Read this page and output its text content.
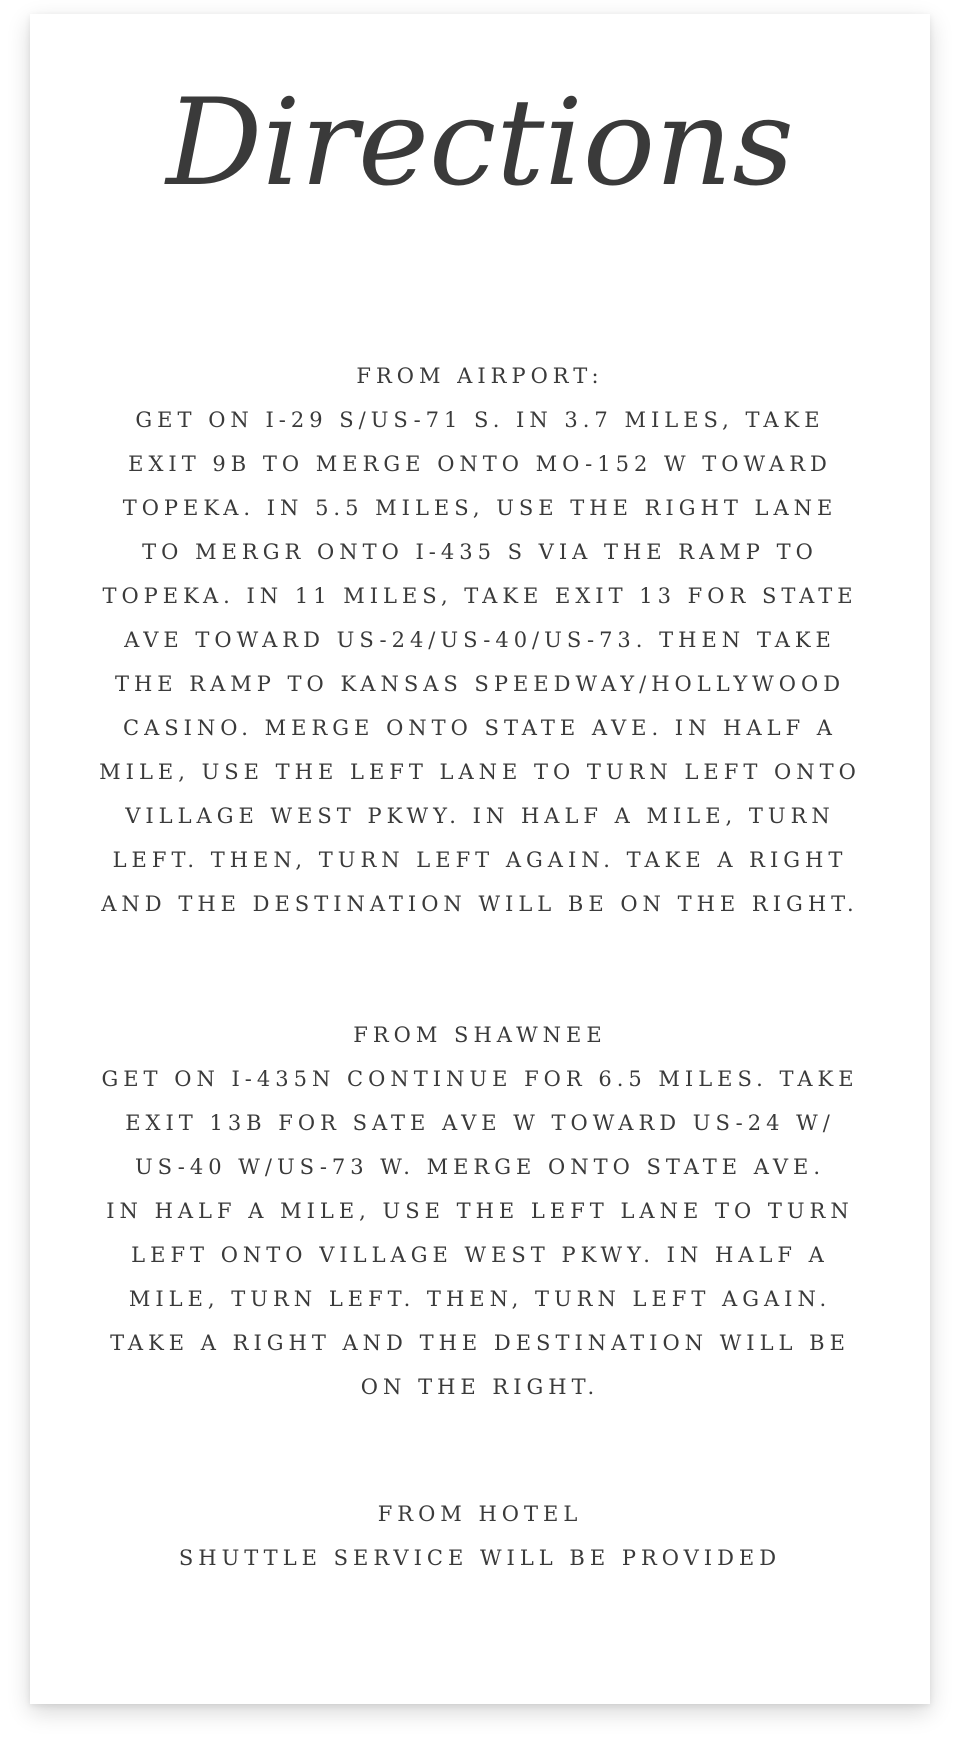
Directions
FROM AIRPORT:
GET ON I-29 S/US-71 S. IN 3.7 MILES, TAKE
EXIT 9B TO MERGE ONTO MO-152 W TOWARD
TOPEKA. IN 5.5 MILES, USE THE RIGHT LANE
TO MERGR ONTO I-435 S VIA THE RAMP TO
TOPEKA. IN 11 MILES, TAKE EXIT 13 FOR STATE
AVE TOWARD US-24/US-40/US-73. THEN TAKE
THE RAMP TO KANSAS SPEEDWAY/HOLLYWOOD
CASINO. MERGE ONTO STATE AVE. IN HALF A
MILE, USE THE LEFT LANE TO TURN LEFT ONTO
VILLAGE WEST PKWY. IN HALF A MILE, TURN
LEFT. THEN, TURN LEFT AGAIN. TAKE A RIGHT
AND THE DESTINATION WILL BE ON THE RIGHT.
FROM SHAWNEE
GET ON I-435N CONTINUE FOR 6.5 MILES. TAKE
EXIT 13B FOR SATE AVE W TOWARD US-24 W/
US-40 W/US-73 W. MERGE ONTO STATE AVE.
IN HALF A MILE, USE THE LEFT LANE TO TURN
LEFT ONTO VILLAGE WEST PKWY. IN HALF A
MILE, TURN LEFT. THEN, TURN LEFT AGAIN.
TAKE A RIGHT AND THE DESTINATION WILL BE
ON THE RIGHT.
FROM HOTEL
SHUTTLE SERVICE WILL BE PROVIDED
